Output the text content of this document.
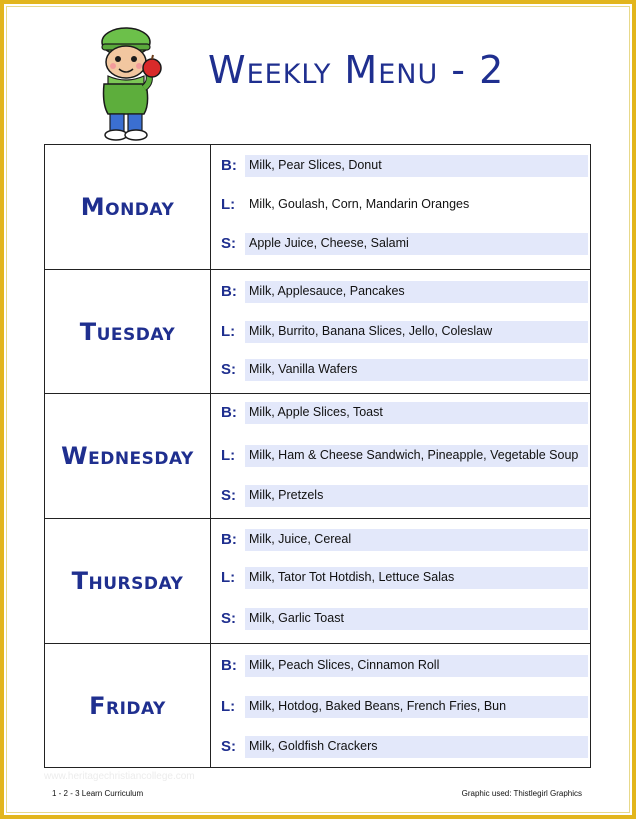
Weekly Menu - 2
Monday
B: Milk, Pear Slices, Donut
L: Milk, Goulash, Corn, Mandarin Oranges
S: Apple Juice, Cheese, Salami
Tuesday
B: Milk, Applesauce, Pancakes
L: Milk, Burrito, Banana Slices, Jello, Coleslaw
S: Milk, Vanilla Wafers
Wednesday
B: Milk, Apple Slices, Toast
L: Milk, Ham & Cheese Sandwich, Pineapple, Vegetable Soup
S: Milk, Pretzels
Thursday
B: Milk, Juice, Cereal
L: Milk, Tator Tot Hotdish, Lettuce Salas
S: Milk, Garlic Toast
Friday
B: Milk, Peach Slices, Cinnamon Roll
L: Milk, Hotdog, Baked Beans, French Fries, Bun
S: Milk, Goldfish Crackers
www.heritagechristiancollege.com
1 - 2 - 3 Learn Curriculum	Graphic used: Thistlegirl Graphics
